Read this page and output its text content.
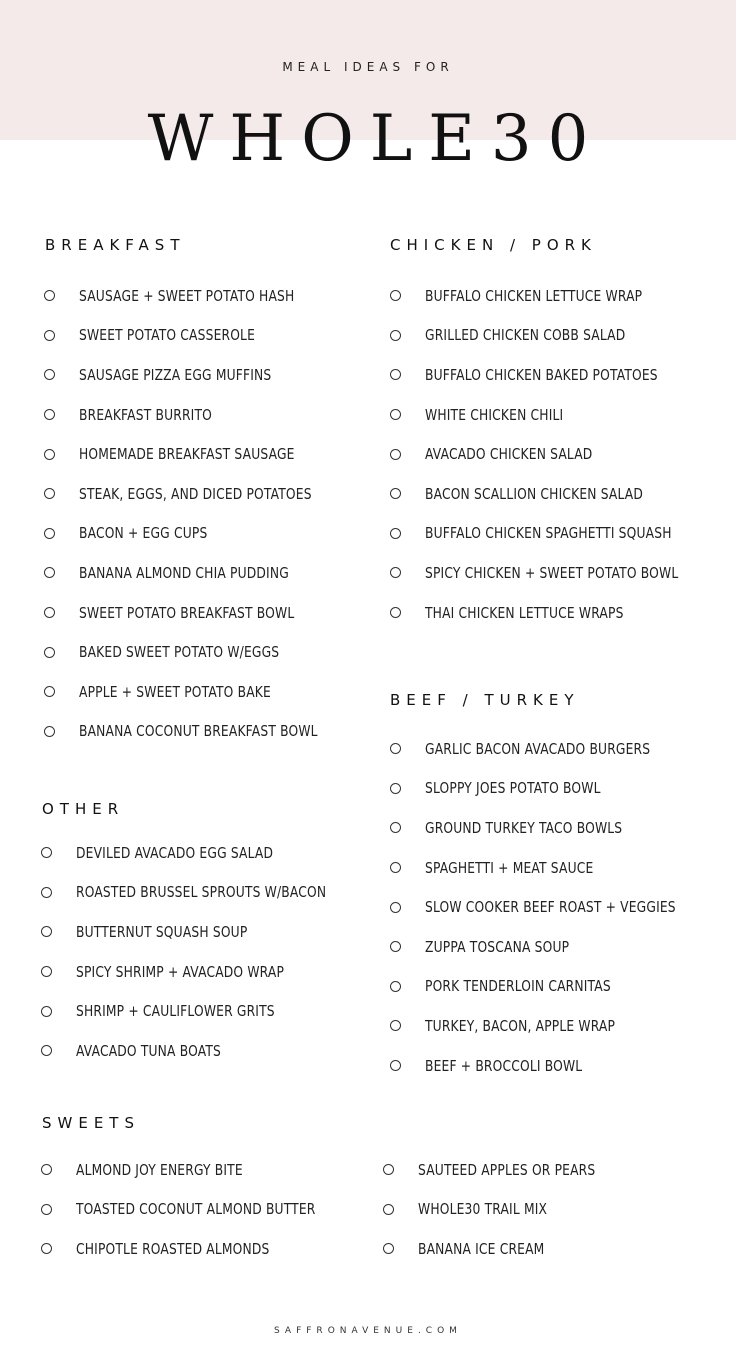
MEAL IDEAS FOR
WHOLE30
BREAKFAST
SAUSAGE + SWEET POTATO HASH
SWEET POTATO CASSEROLE
SAUSAGE PIZZA EGG MUFFINS
BREAKFAST BURRITO
HOMEMADE BREAKFAST SAUSAGE
STEAK, EGGS, AND DICED POTATOES
BACON + EGG CUPS
BANANA ALMOND CHIA PUDDING
SWEET POTATO BREAKFAST BOWL
BAKED SWEET POTATO W/EGGS
APPLE + SWEET POTATO BAKE
BANANA COCONUT BREAKFAST BOWL
CHICKEN / PORK
BUFFALO CHICKEN LETTUCE WRAP
GRILLED CHICKEN COBB SALAD
BUFFALO CHICKEN BAKED POTATOES
WHITE CHICKEN CHILI
AVACADO CHICKEN SALAD
BACON SCALLION CHICKEN SALAD
BUFFALO CHICKEN SPAGHETTI SQUASH
SPICY CHICKEN + SWEET POTATO BOWL
THAI CHICKEN LETTUCE WRAPS
OTHER
DEVILED AVACADO EGG SALAD
ROASTED BRUSSEL SPROUTS W/BACON
BUTTERNUT SQUASH SOUP
SPICY SHRIMP + AVACADO WRAP
SHRIMP + CAULIFLOWER GRITS
AVACADO TUNA BOATS
BEEF / TURKEY
GARLIC BACON AVACADO BURGERS
SLOPPY JOES POTATO BOWL
GROUND TURKEY TACO BOWLS
SPAGHETTI + MEAT SAUCE
SLOW COOKER BEEF ROAST + VEGGIES
ZUPPA TOSCANA SOUP
PORK TENDERLOIN CARNITAS
TURKEY, BACON, APPLE WRAP
BEEF + BROCCOLI BOWL
SWEETS
ALMOND JOY ENERGY BITE
TOASTED COCONUT ALMOND BUTTER
CHIPOTLE ROASTED ALMONDS
SAUTEED APPLES OR PEARS
WHOLE30 TRAIL MIX
BANANA ICE CREAM
SAFFRONAVENUE.COM
